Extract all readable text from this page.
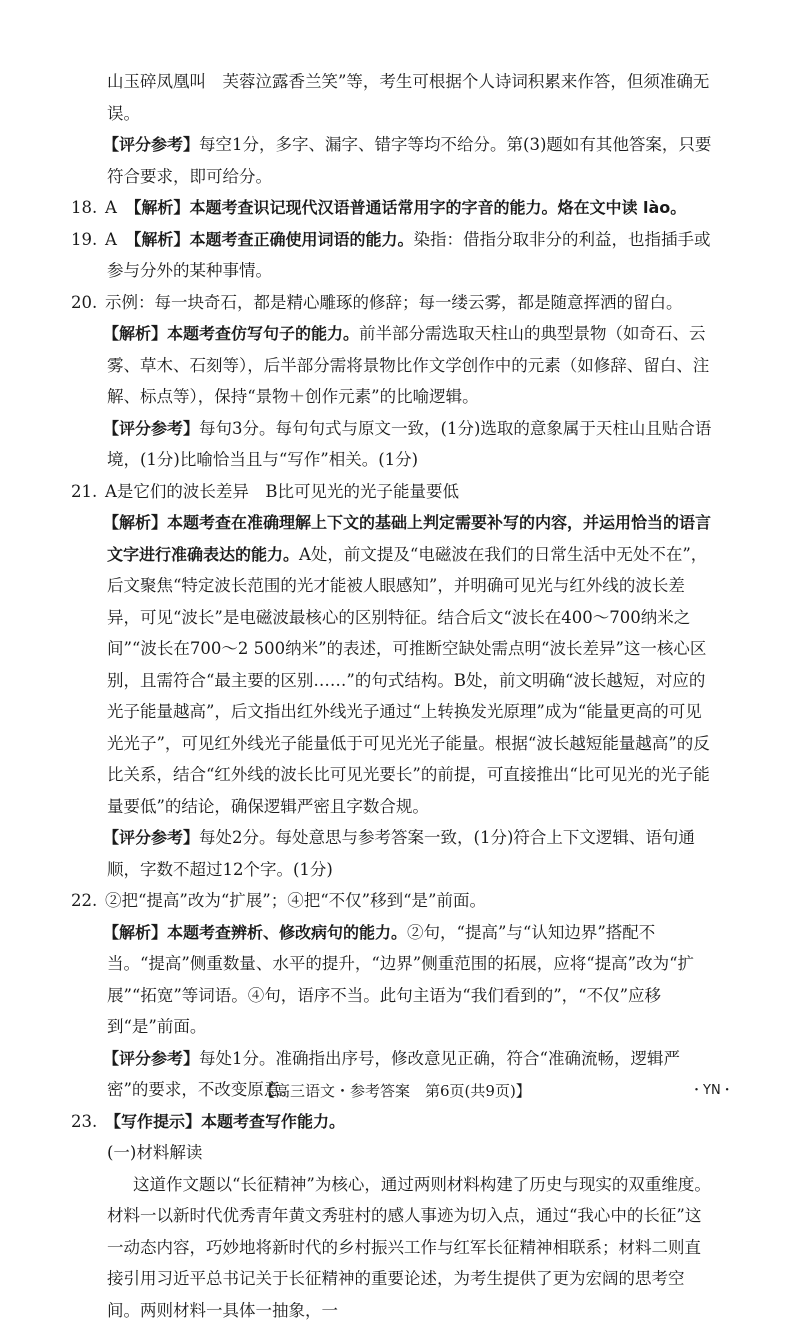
山玉碎凤凰叫　芙蓉泣露香兰笑”等，考生可根据个人诗词积累来作答，但须准确无误。

【评分参考】每空1分，多字、漏字、错字等均不给分。第(3)题如有其他答案，只要符合要求，即可给分。

18. A　【解析】本题考查识记现代汉语普通话常用字的字音的能力。烙在文中读 lào。

19. A　【解析】本题考查正确使用词语的能力。染指：借指分取非分的利益，也指插手或参与分外的某种事情。

20. 示例：每一块奇石，都是精心雕琢的修辞；每一缕云雾，都是随意挥洒的留白。

【解析】本题考查仿写句子的能力。前半部分需选取天柱山的典型景物（如奇石、云雾、草木、石刻等），后半部分需将景物比作文学创作中的元素（如修辞、留白、注解、标点等），保持“景物＋创作元素”的比喻逻辑。

【评分参考】每句3分。每句句式与原文一致，(1分)选取的意象属于天柱山且贴合语境，(1分)比喻恰当且与“写作”相关。(1分)

21. A是它们的波长差异　B比可见光的光子能量要低

【解析】本题考查在准确理解上下文的基础上判定需要补写的内容，并运用恰当的语言文字进行准确表达的能力。A处，前文提及“电磁波在我们的日常生活中无处不在”，后文聚焦“特定波长范围的光才能被人眼感知”，并明确可见光与红外线的波长差异，可见“波长”是电磁波最核心的区别特征。结合后文“波长在400～700纳米之间”“波长在700～2 500纳米”的表述，可推断空缺处需点明“波长差异”这一核心区别，且需符合“最主要的区别……”的句式结构。B处，前文明确“波长越短，对应的光子能量越高”，后文指出红外线光子通过“上转换发光原理”成为“能量更高的可见光光子”，可见红外线光子能量低于可见光光子能量。根据“波长越短能量越高”的反比关系，结合“红外线的波长比可见光要长”的前提，可直接推出“比可见光的光子能量要低”的结论，确保逻辑严密且字数合规。

【评分参考】每处2分。每处意思与参考答案一致，(1分)符合上下文逻辑、语句通顺，字数不超过12个字。(1分)

22. ②把“提高”改为“扩展”；④把“不仅”移到“是”前面。

【解析】本题考查辨析、修改病句的能力。②句，“提高”与“认知边界”搭配不当。“提高”侧重数量、水平的提升，“边界”侧重范围的拓展，应将“提高”改为“扩展”“拓宽”等词语。④句，语序不当。此句主语为“我们看到的”，“不仅”应移到“是”前面。

【评分参考】每处1分。准确指出序号，修改意见正确，符合“准确流畅，逻辑严密”的要求，不改变原意。

23. 【写作提示】本题考查写作能力。

(一)材料解读

这道作文题以“长征精神”为核心，通过两则材料构建了历史与现实的双重维度。材料一以新时代优秀青年黄文秀驻村的感人事迹为切入点，通过“我心中的长征”这一动态内容，巧妙地将新时代的乡村振兴工作与红军长征精神相联系；材料二则直接引用习近平总书记关于长征精神的重要论述，为考生提供了更为宏阔的思考空间。两则材料一具体一抽象，一

【高三语文・参考答案　第6页(共9页)】	・YN・
